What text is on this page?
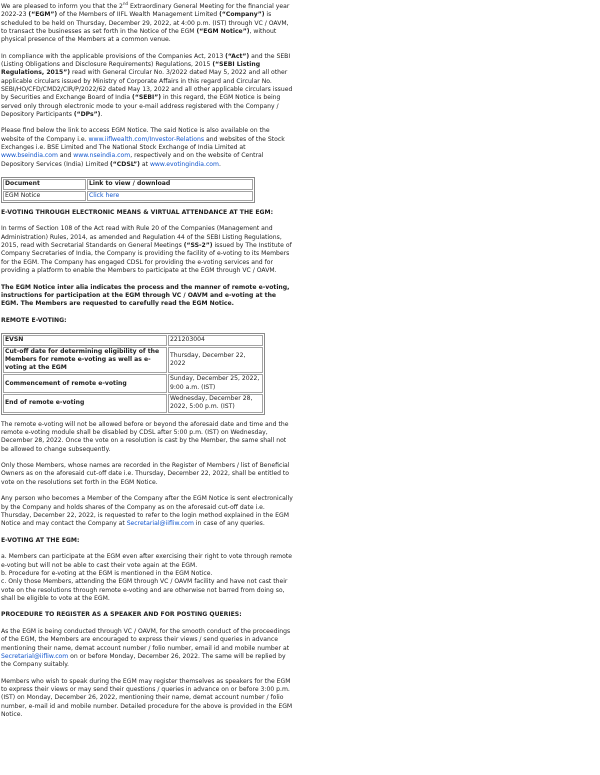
We are pleased to inform you that the 2nd Extraordinary General Meeting for the financial year 2022-23 (“EGM”) of the Members of IIFL Wealth Management Limited (“Company”) is scheduled to be held on Thursday, December 29, 2022, at 4:00 p.m. (IST) through VC / OAVM, to transact the businesses as set forth in the Notice of the EGM (“EGM Notice”), without physical presence of the Members at a common venue.

In compliance with the applicable provisions of the Companies Act, 2013 (“Act”) and the SEBI (Listing Obligations and Disclosure Requirements) Regulations, 2015 (“SEBI Listing Regulations, 2015”) read with General Circular No. 3/2022 dated May 5, 2022 and all other applicable circulars issued by Ministry of Corporate Affairs in this regard and Circular No. SEBI/HO/CFD/CMD2/CIR/P/2022/62 dated May 13, 2022 and all other applicable circulars issued by Securities and Exchange Board of India (“SEBI”) in this regard, the EGM Notice is being served only through electronic mode to your e-mail address registered with the Company / Depository Participants (“DPs”).

Please find below the link to access EGM Notice. The said Notice is also available on the website of the Company i.e. www.iiflwealth.com/Investor-Relations and websites of the Stock Exchanges i.e. BSE Limited and The National Stock Exchange of India Limited at www.bseindia.com and www.nseindia.com, respectively and on the website of Central Depository Services (India) Limited (“CDSL”) at www.evotingindia.com.

Document	Link to view / download
EGM Notice	Click here

E-VOTING THROUGH ELECTRONIC MEANS & VIRTUAL ATTENDANCE AT THE EGM:

In terms of Section 108 of the Act read with Rule 20 of the Companies (Management and Administration) Rules, 2014, as amended and Regulation 44 of the SEBI Listing Regulations, 2015, read with Secretarial Standards on General Meetings (“SS-2”) issued by The Institute of Company Secretaries of India, the Company is providing the facility of e-voting to its Members for the EGM. The Company has engaged CDSL for providing the e-voting services and for providing a platform to enable the Members to participate at the EGM through VC / OAVM.

The EGM Notice inter alia indicates the process and the manner of remote e-voting, instructions for participation at the EGM through VC / OAVM and e-voting at the EGM. The Members are requested to carefully read the EGM Notice.

REMOTE E-VOTING:

EVSN	221203004
Cut-off date for determining eligibility of the Members for remote e-voting as well as e-voting at the EGM	Thursday, December 22, 2022
Commencement of remote e-voting	Sunday, December 25, 2022, 9:00 a.m. (IST)
End of remote e-voting	Wednesday, December 28, 2022, 5:00 p.m. (IST)

The remote e-voting will not be allowed before or beyond the aforesaid date and time and the remote e-voting module shall be disabled by CDSL after 5:00 p.m. (IST) on Wednesday, December 28, 2022. Once the vote on a resolution is cast by the Member, the same shall not be allowed to change subsequently.

Only those Members, whose names are recorded in the Register of Members / list of Beneficial Owners as on the aforesaid cut-off date i.e. Thursday, December 22, 2022, shall be entitled to vote on the resolutions set forth in the EGM Notice.

Any person who becomes a Member of the Company after the EGM Notice is sent electronically by the Company and holds shares of the Company as on the aforesaid cut-off date i.e. Thursday, December 22, 2022, is requested to refer to the login method explained in the EGM Notice and may contact the Company at Secretarial@iifliw.com in case of any queries.

E-VOTING AT THE EGM:

a. Members can participate at the EGM even after exercising their right to vote through remote e-voting but will not be able to cast their vote again at the EGM.

b. Procedure for e-voting at the EGM is mentioned in the EGM Notice.

c. Only those Members, attending the EGM through VC / OAVM facility and have not cast their vote on the resolutions through remote e-voting and are otherwise not barred from doing so, shall be eligible to vote at the EGM.

PROCEDURE TO REGISTER AS A SPEAKER AND FOR POSTING QUERIES:

As the EGM is being conducted through VC / OAVM, for the smooth conduct of the proceedings of the EGM, the Members are encouraged to express their views / send queries in advance mentioning their name, demat account number / folio number, email id and mobile number at Secretarial@iifliw.com on or before Monday, December 26, 2022. The same will be replied by the Company suitably.

Members who wish to speak during the EGM may register themselves as speakers for the EGM to express their views or may send their questions / queries in advance on or before 3:00 p.m. (IST) on Monday, December 26, 2022, mentioning their name, demat account number / folio number, e-mail id and mobile number. Detailed procedure for the above is provided in the EGM Notice.
